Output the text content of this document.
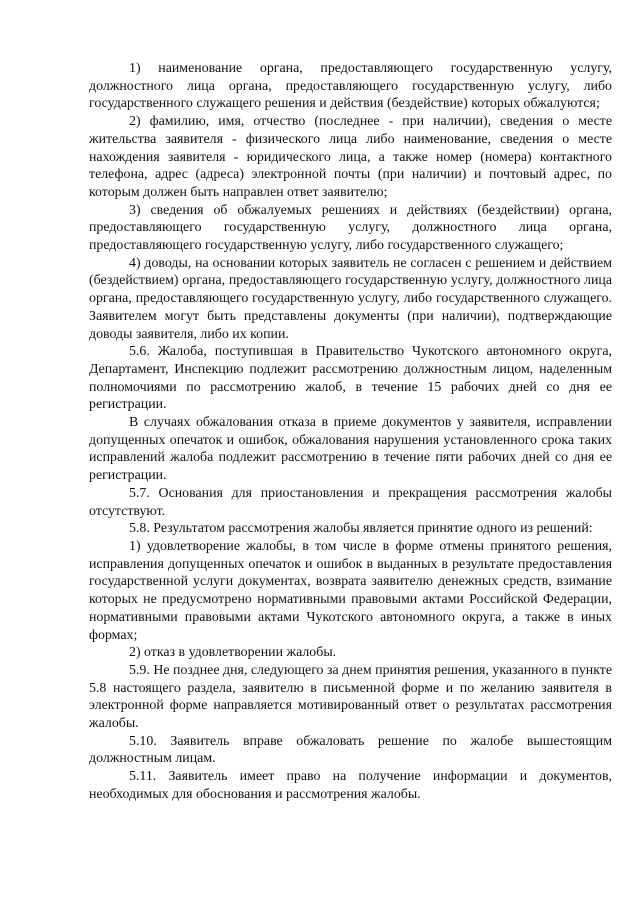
1) наименование органа, предоставляющего государственную услугу, должностного лица органа, предоставляющего государственную услугу, либо государственного служащего решения и действия (бездействие) которых обжалуются;

2) фамилию, имя, отчество (последнее - при наличии), сведения о месте жительства заявителя - физического лица либо наименование, сведения о месте нахождения заявителя - юридического лица, а также номер (номера) контактного телефона, адрес (адреса) электронной почты (при наличии) и почтовый адрес, по которым должен быть направлен ответ заявителю;

3) сведения об обжалуемых решениях и действиях (бездействии) органа, предоставляющего государственную услугу, должностного лица органа, предоставляющего государственную услугу, либо государственного служащего;

4) доводы, на основании которых заявитель не согласен с решением и действием (бездействием) органа, предоставляющего государственную услугу, должностного лица органа, предоставляющего государственную услугу, либо государственного служащего. Заявителем могут быть представлены документы (при наличии), подтверждающие доводы заявителя, либо их копии.

5.6. Жалоба, поступившая в Правительство Чукотского автономного округа, Департамент, Инспекцию подлежит рассмотрению должностным лицом, наделенным полномочиями по рассмотрению жалоб, в течение 15 рабочих дней со дня ее регистрации.

В случаях обжалования отказа в приеме документов у заявителя, исправлении допущенных опечаток и ошибок, обжалования нарушения установленного срока таких исправлений жалоба подлежит рассмотрению в течение пяти рабочих дней со дня ее регистрации.

5.7. Основания для приостановления и прекращения рассмотрения жалобы отсутствуют.

5.8. Результатом рассмотрения жалобы является принятие одного из решений:

1) удовлетворение жалобы, в том числе в форме отмены принятого решения, исправления допущенных опечаток и ошибок в выданных в результате предоставления государственной услуги документах, возврата заявителю денежных средств, взимание которых не предусмотрено нормативными правовыми актами Российской Федерации, нормативными правовыми актами Чукотского автономного округа, а также в иных формах;

2) отказ в удовлетворении жалобы.

5.9. Не позднее дня, следующего за днем принятия решения, указанного в пункте 5.8 настоящего раздела, заявителю в письменной форме и по желанию заявителя в электронной форме направляется мотивированный ответ о результатах рассмотрения жалобы.

5.10. Заявитель вправе обжаловать решение по жалобе вышестоящим должностным лицам.

5.11. Заявитель имеет право на получение информации и документов, необходимых для обоснования и рассмотрения жалобы.
